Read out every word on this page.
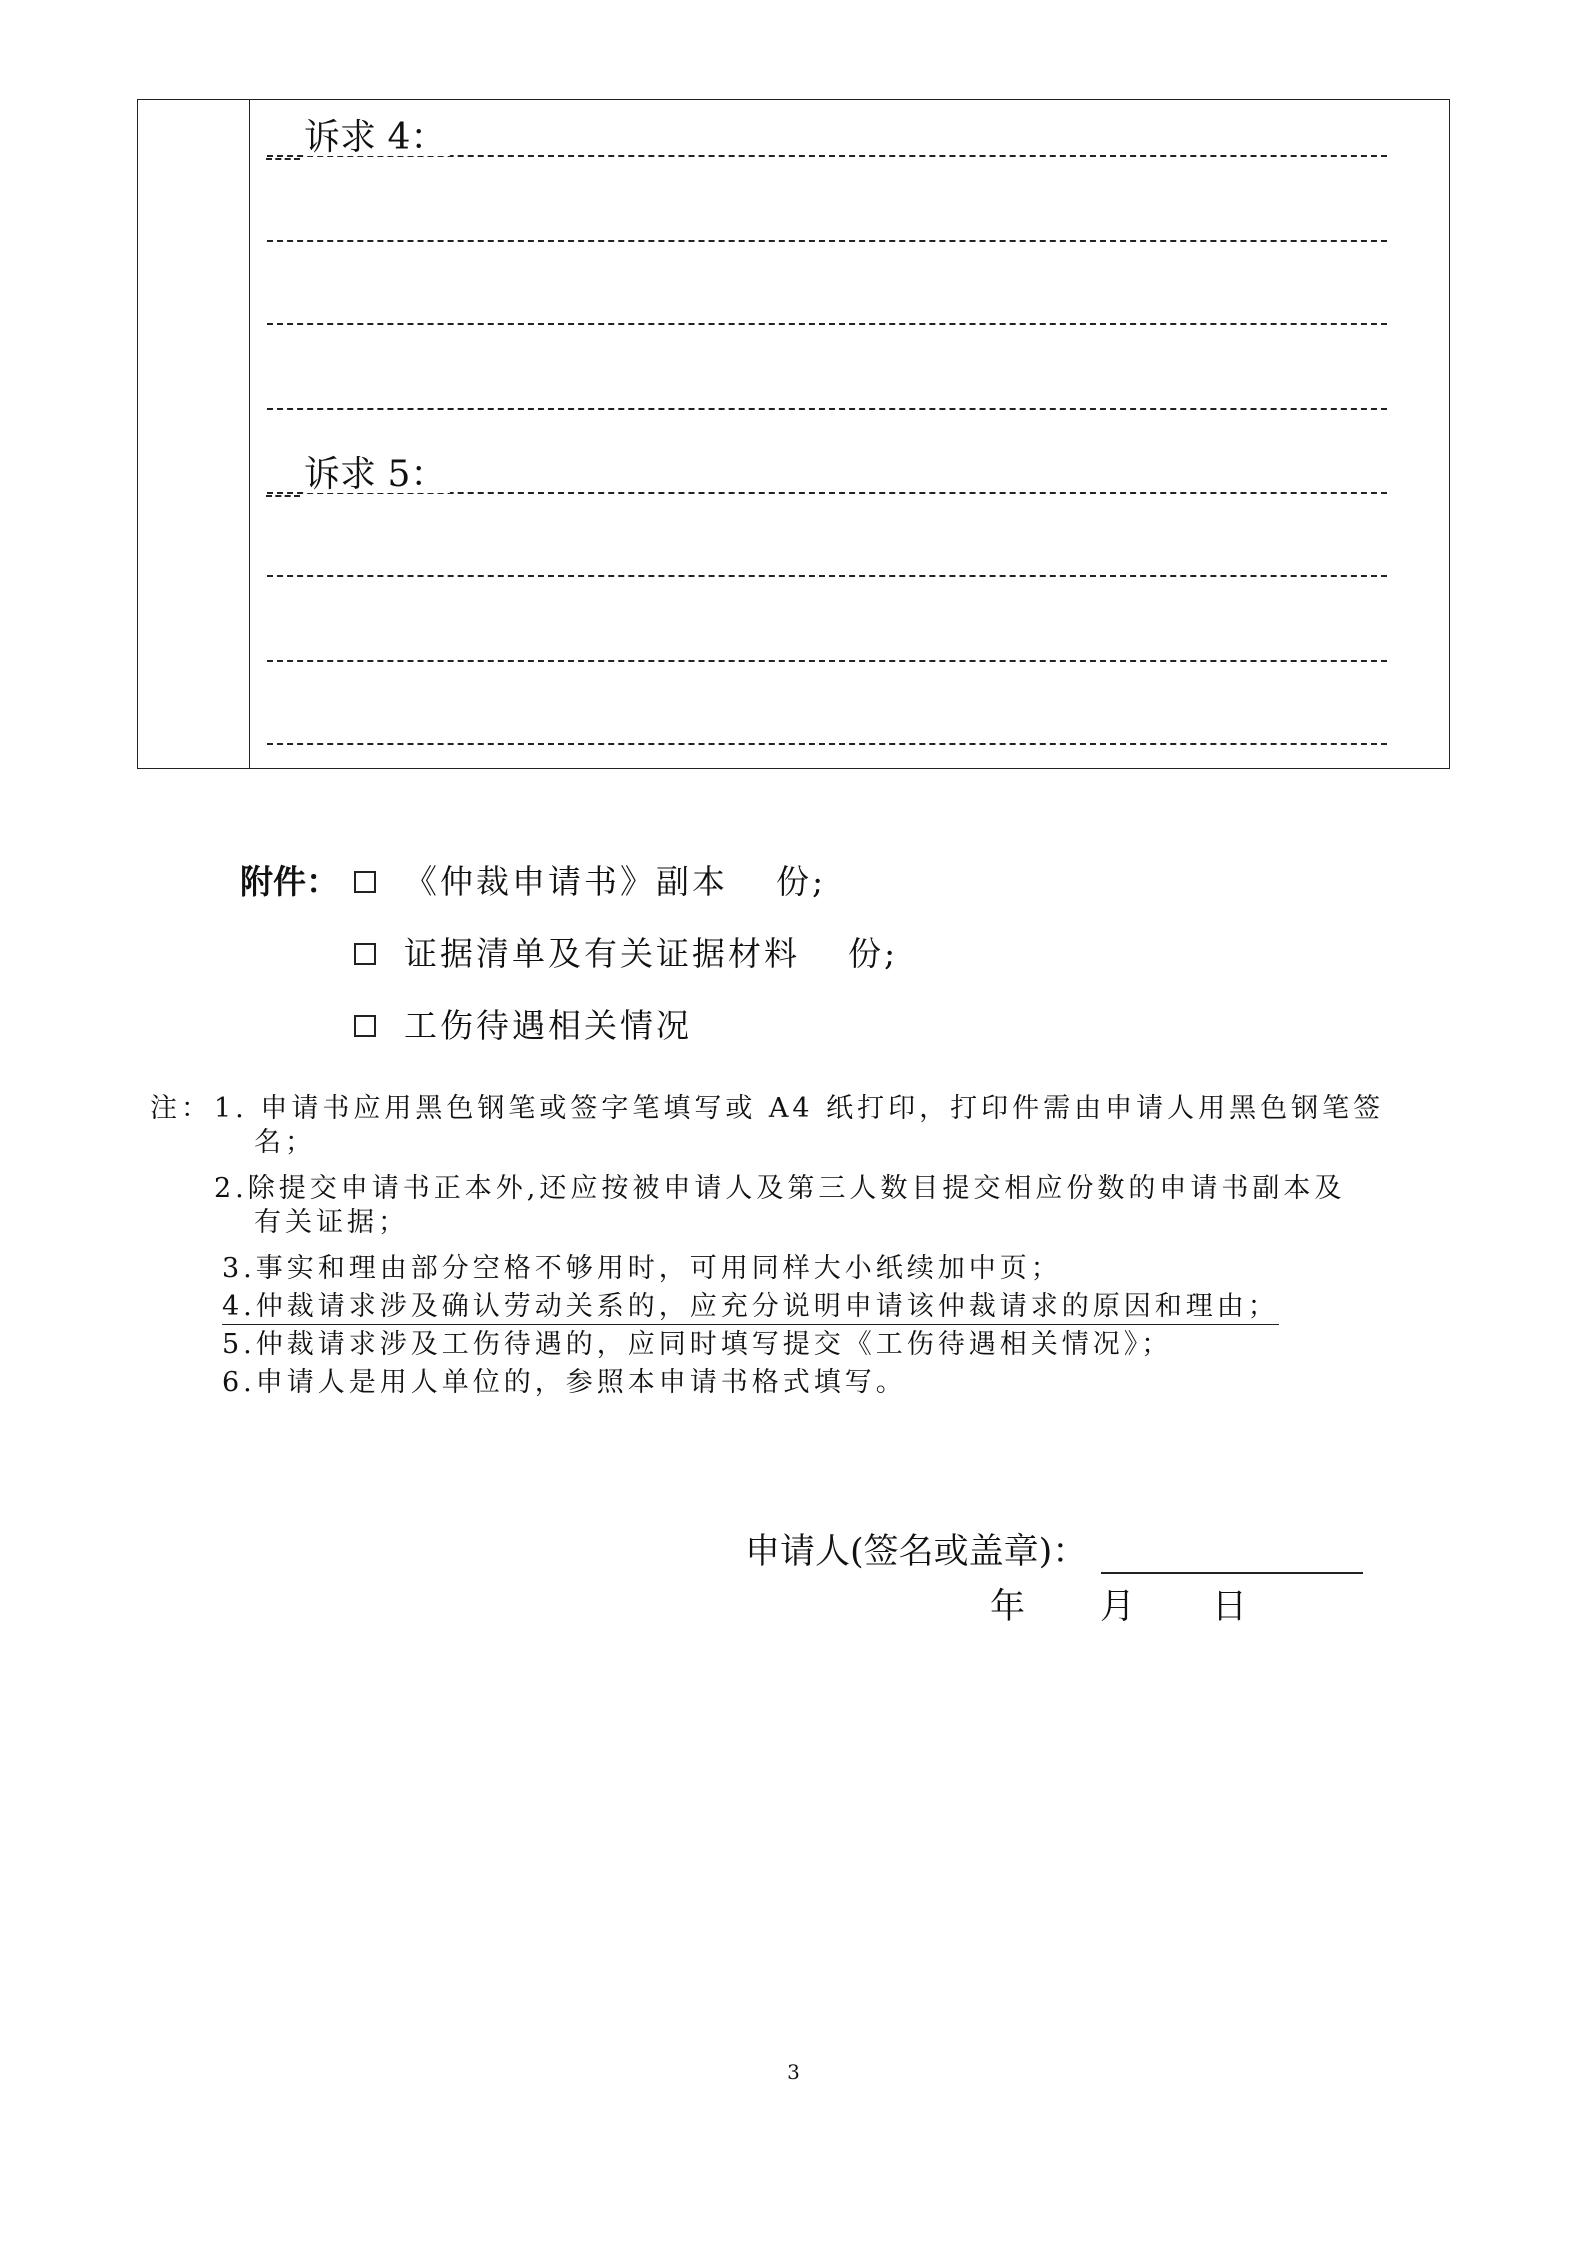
诉求 4：
诉求 5：
附件： 《仲裁申请书》副本 份;
证据清单及有关证据材料 份;
工伤待遇相关情况
注： 1. 申请书应用黑色钢笔或签字笔填写或 A4 纸打印，打印件需由申请人用黑色钢笔签
名；
2.除提交申请书正本外,还应按被申请人及第三人数目提交相应份数的申请书副本及
有关证据；
3.事实和理由部分空格不够用时，可用同样大小纸续加中页；
4.仲裁请求涉及确认劳动关系的，应充分说明申请该仲裁请求的原因和理由；
5.仲裁请求涉及工伤待遇的，应同时填写提交《工伤待遇相关情况》；
6.申请人是用人单位的，参照本申请书格式填写。
申请人(签名或盖章)：
年 月 日
3
